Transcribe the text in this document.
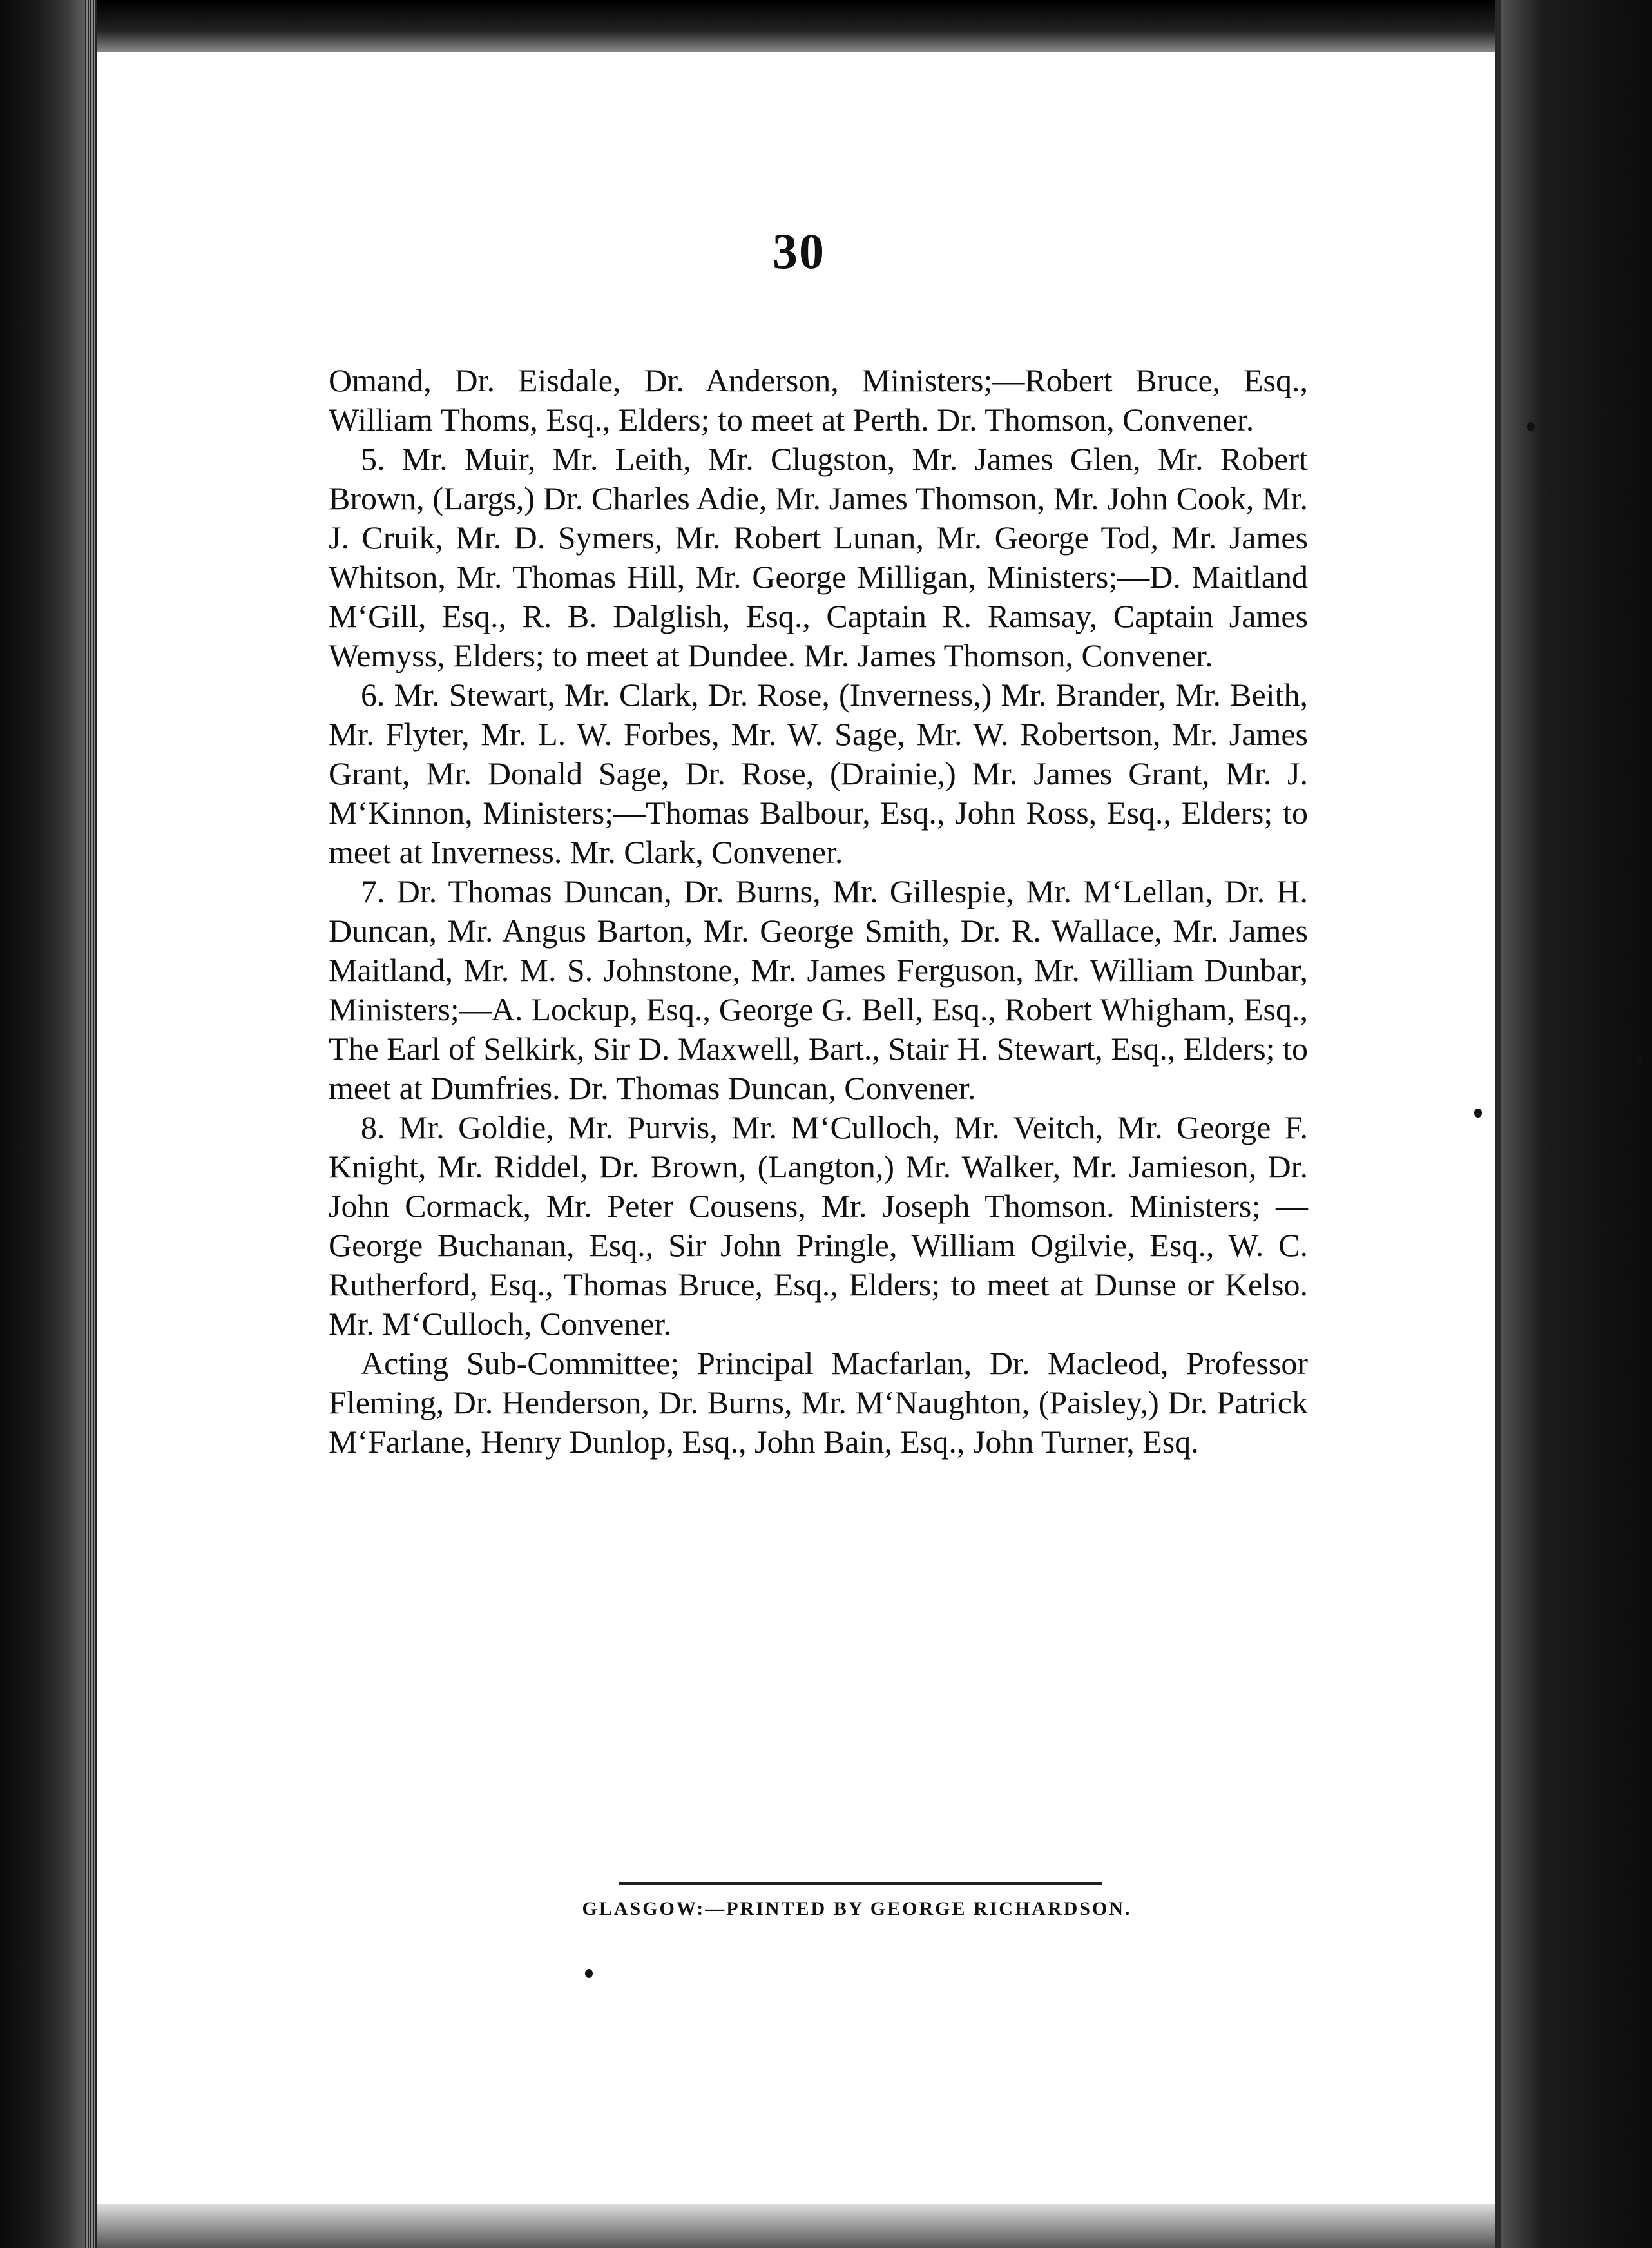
30

Omand, Dr. Eisdale, Dr. Anderson, Ministers;—Robert Bruce, Esq., William Thoms, Esq., Elders; to meet at Perth. Dr. Thomson, Convener.

5. Mr. Muir, Mr. Leith, Mr. Clugston, Mr. James Glen, Mr. Robert Brown, (Largs,) Dr. Charles Adie, Mr. James Thomson, Mr. John Cook, Mr. J. Cruik, Mr. D. Symers, Mr. Robert Lunan, Mr. George Tod, Mr. James Whitson, Mr. Thomas Hill, Mr. George Milligan, Ministers;—D. Maitland M‘Gill, Esq., R. B. Dalglish, Esq., Captain R. Ramsay, Captain James Wemyss, Elders; to meet at Dundee. Mr. James Thomson, Convener.

6. Mr. Stewart, Mr. Clark, Dr. Rose, (Inverness,) Mr. Brander, Mr. Beith, Mr. Flyter, Mr. L. W. Forbes, Mr. W. Sage, Mr. W. Robertson, Mr. James Grant, Mr. Donald Sage, Dr. Rose, (Drainie,) Mr. James Grant, Mr. J. M‘Kinnon, Ministers;—Thomas Balbour, Esq., John Ross, Esq., Elders; to meet at Inverness. Mr. Clark, Convener.

7. Dr. Thomas Duncan, Dr. Burns, Mr. Gillespie, Mr. M‘Lellan, Dr. H. Duncan, Mr. Angus Barton, Mr. George Smith, Dr. R. Wallace, Mr. James Maitland, Mr. M. S. Johnstone, Mr. James Ferguson, Mr. William Dunbar, Ministers;—A. Lockup, Esq., George G. Bell, Esq., Robert Whigham, Esq., The Earl of Selkirk, Sir D. Maxwell, Bart., Stair H. Stewart, Esq., Elders; to meet at Dumfries. Dr. Thomas Duncan, Convener.

8. Mr. Goldie, Mr. Purvis, Mr. M‘Culloch, Mr. Veitch, Mr. George F. Knight, Mr. Riddel, Dr. Brown, (Langton,) Mr. Walker, Mr. Jamieson, Dr. John Cormack, Mr. Peter Cousens, Mr. Joseph Thomson. Ministers; —George Buchanan, Esq., Sir John Pringle, William Ogilvie, Esq., W. C. Rutherford, Esq., Thomas Bruce, Esq., Elders; to meet at Dunse or Kelso. Mr. M‘Culloch, Convener.

Acting Sub-Committee; Principal Macfarlan, Dr. Macleod, Professor Fleming, Dr. Henderson, Dr. Burns, Mr. M‘Naughton, (Paisley,) Dr. Patrick M‘Farlane, Henry Dunlop, Esq., John Bain, Esq., John Turner, Esq.

GLASGOW:—PRINTED BY GEORGE RICHARDSON.
